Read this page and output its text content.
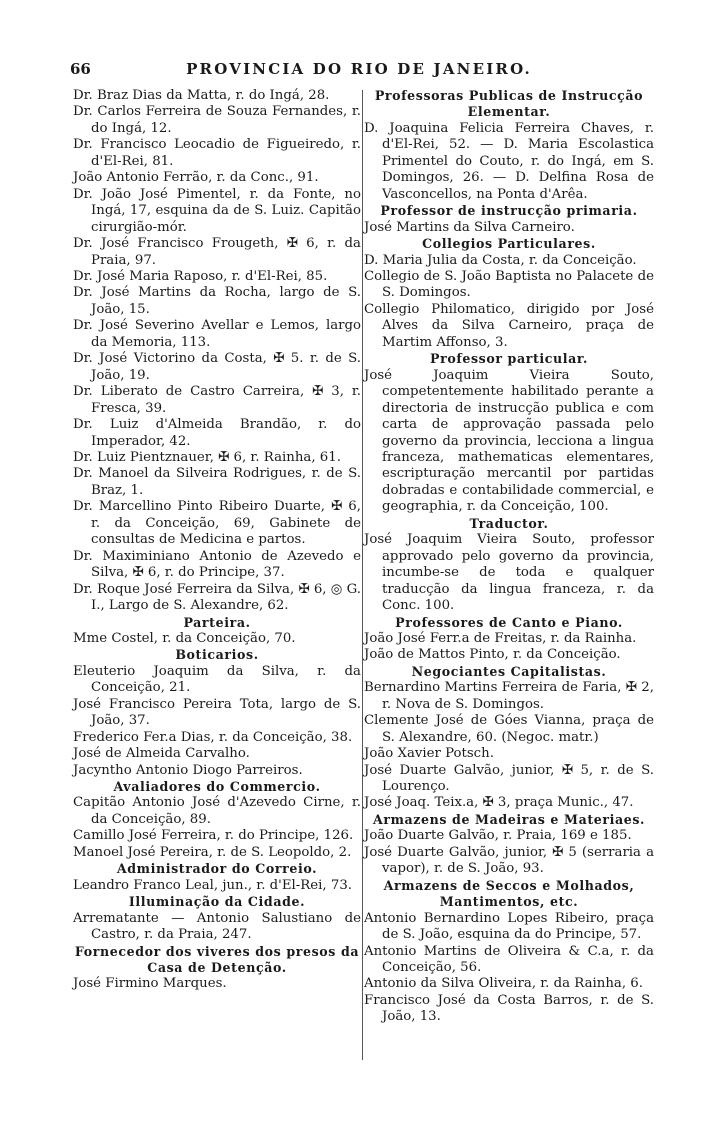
66	PROVINCIA DO RIO DE JANEIRO.
Dr. Braz Dias da Matta, r. do Ingá, 28.
Dr. Carlos Ferreira de Souza Fernandes, r. do Ingá, 12.
Dr. Francisco Leocadio de Figueiredo, r. d'El-Rei, 81.
João Antonio Ferrão, r. da Conc., 91.
Dr. João José Pimentel, r. da Fonte, no Ingá, 17, esquina da de S. Luiz. Capitão cirurgião-mór.
Dr. José Francisco Frougeth, ✠ 6, r. da Praia, 97.
Dr. José Maria Raposo, r. d'El-Rei, 85.
Dr. José Martins da Rocha, largo de S. João, 15.
Dr. José Severino Avellar e Lemos, largo da Memoria, 113.
Dr. José Victorino da Costa, ✠ 5. r. de S. João, 19.
Dr. Liberato de Castro Carreira, ✠ 3, r. Fresca, 39.
Dr. Luiz d'Almeida Brandão, r. do Imperador, 42.
Dr. Luiz Pientznauer, ✠ 6, r. Rainha, 61.
Dr. Manoel da Silveira Rodrigues, r. de S. Braz, 1.
Dr. Marcellino Pinto Ribeiro Duarte, ✠ 6, r. da Conceição, 69, Gabinete de consultas de Medicina e partos.
Dr. Maximiniano Antonio de Azevedo e Silva, ✠ 6, r. do Principe, 37.
Dr. Roque José Ferreira da Silva, ✠ 6, ◎ G. I., Largo de S. Alexandre, 62.
Parteira.
Mme Costel, r. da Conceição, 70.
Boticarios.
Eleuterio Joaquim da Silva, r. da Conceição, 21.
José Francisco Pereira Tota, largo de S. João, 37.
Frederico Fer.a Dias, r. da Conceição, 38.
José de Almeida Carvalho.
Jacyntho Antonio Diogo Parreiros.
Avaliadores do Commercio.
Capitão Antonio José d'Azevedo Cirne, r. da Conceição, 89.
Camillo José Ferreira, r. do Principe, 126.
Manoel José Pereira, r. de S. Leopoldo, 2.
Administrador do Correio.
Leandro Franco Leal, jun., r. d'El-Rei, 73.
Illuminação da Cidade.
Arrematante — Antonio Salustiano de Castro, r. da Praia, 247.
Fornecedor dos viveres dos presos da Casa de Detenção.
José Firmino Marques.
Professoras Publicas de Instrucção Elementar.
D. Joaquina Felicia Ferreira Chaves, r. d'El-Rei, 52. — D. Maria Escolastica Primentel do Couto, r. do Ingá, em S. Domingos, 26. — D. Delfina Rosa de Vasconcellos, na Ponta d'Arêa.
Professor de instrucção primaria.
José Martins da Silva Carneiro.
Collegios Particulares.
D. Maria Julia da Costa, r. da Conceição.
Collegio de S. João Baptista no Palacete de S. Domingos.
Collegio Philomatico, dirigido por José Alves da Silva Carneiro, praça de Martim Affonso, 3.
Professor particular.
José Joaquim Vieira Souto, competentemente habilitado perante a directoria de instrucção publica e com carta de approvação passada pelo governo da provincia, lecciona a lingua franceza, mathematicas elementares, escripturação mercantil por partidas dobradas e contabilidade commercial, e geographia, r. da Conceição, 100.
Traductor.
José Joaquim Vieira Souto, professor approvado pelo governo da provincia, incumbe-se de toda e qualquer traducção da lingua franceza, r. da Conc. 100.
Professores de Canto e Piano.
João José Ferr.a de Freitas, r. da Rainha.
João de Mattos Pinto, r. da Conceição.
Negociantes Capitalistas.
Bernardino Martins Ferreira de Faria, ✠ 2, r. Nova de S. Domingos.
Clemente José de Góes Vianna, praça de S. Alexandre, 60. (Negoc. matr.)
João Xavier Potsch.
José Duarte Galvão, junior, ✠ 5, r. de S. Lourenço.
José Joaq. Teix.a, ✠ 3, praça Munic., 47.
Armazens de Madeiras e Materiaes.
João Duarte Galvão, r. Praia, 169 e 185.
José Duarte Galvão, junior, ✠ 5 (serraria a vapor), r. de S. João, 93.
Armazens de Seccos e Molhados, Mantimentos, etc.
Antonio Bernardino Lopes Ribeiro, praça de S. João, esquina da do Principe, 57.
Antonio Martins de Oliveira & C.a, r. da Conceição, 56.
Antonio da Silva Oliveira, r. da Rainha, 6.
Francisco José da Costa Barros, r. de S. João, 13.
